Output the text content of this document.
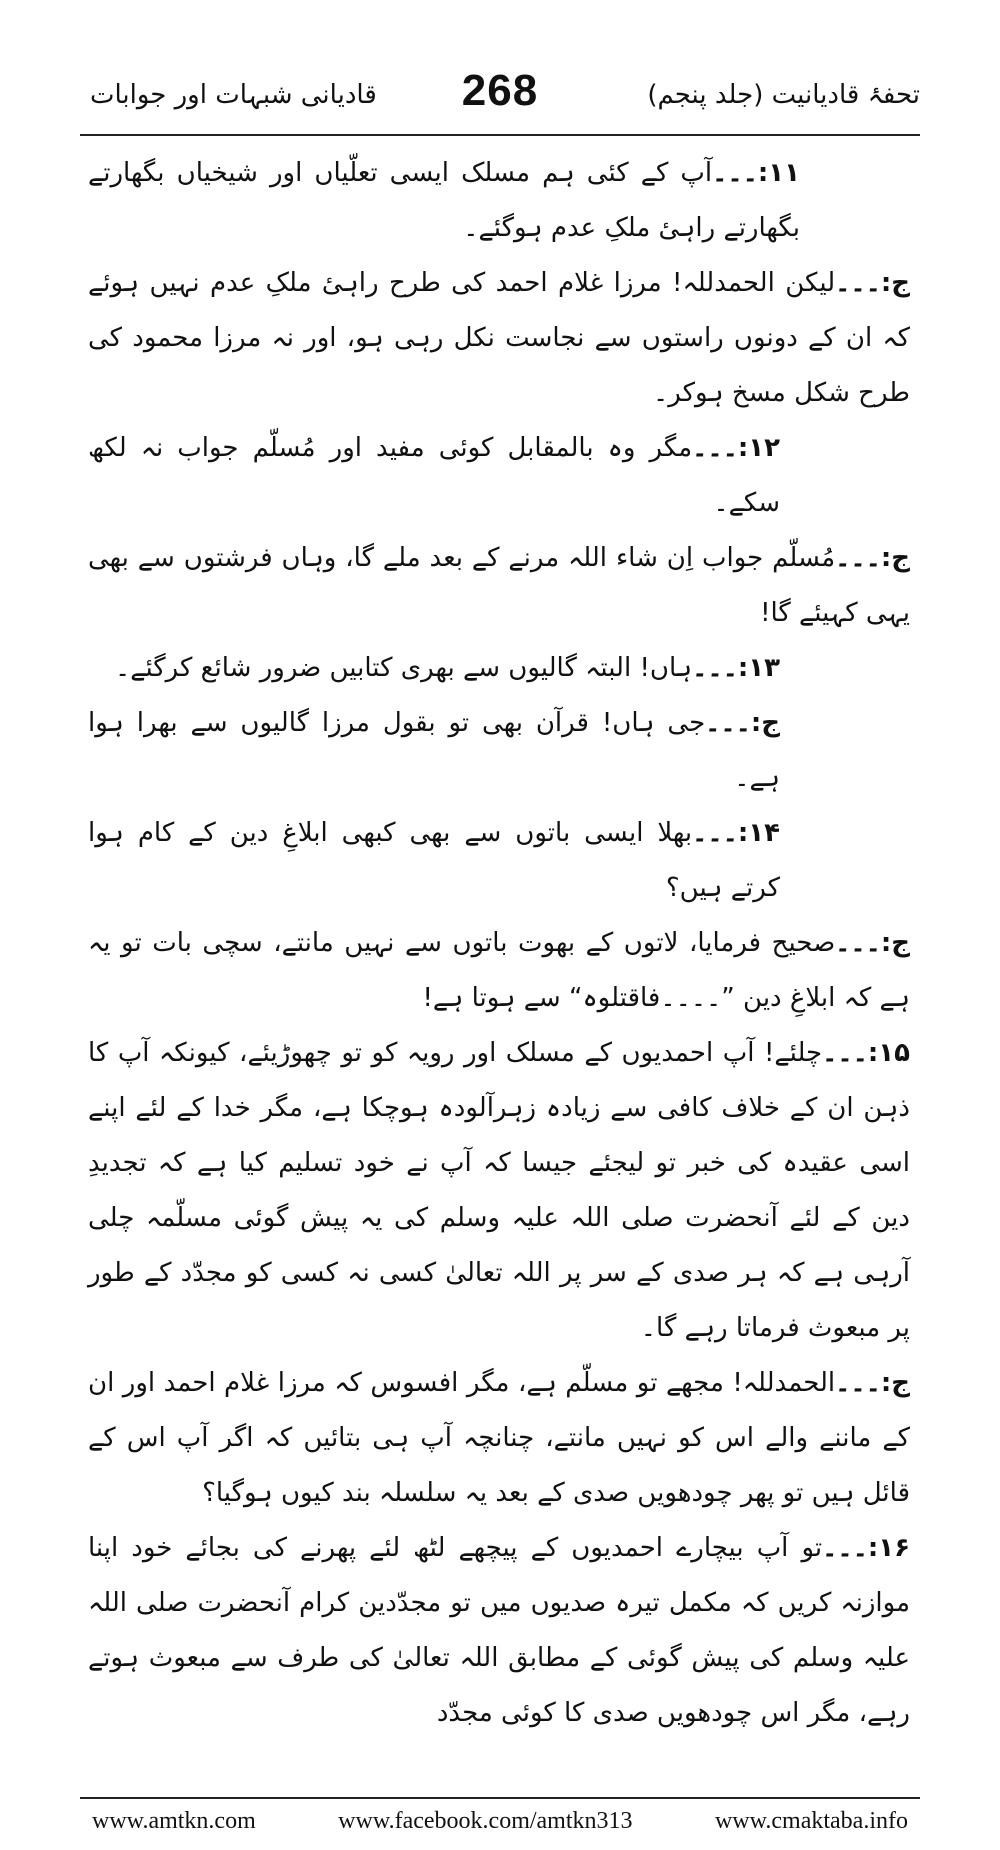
تحفۂ قادیانیت (جلد پنجم)
268
قادیانی شبہات اور جوابات

۱۱:۔۔۔آپ کے کئی ہم مسلک ایسی تعلّیاں اور شیخیاں بگھارتے بگھارتے راہیٔ ملکِ عدم ہوگئے۔

ج:۔۔۔لیکن الحمدللہ! مرزا غلام احمد کی طرح راہیٔ ملکِ عدم نہیں ہوئے کہ ان کے دونوں راستوں سے نجاست نکل رہی ہو، اور نہ مرزا محمود کی طرح شکل مسخ ہوکر۔

۱۲:۔۔۔مگر وہ بالمقابل کوئی مفید اور مُسلّم جواب نہ لکھ سکے۔

ج:۔۔۔مُسلّم جواب اِن شاء اللہ مرنے کے بعد ملے گا، وہاں فرشتوں سے بھی یہی کہیئے گا!

۱۳:۔۔۔ہاں! البتہ گالیوں سے بھری کتابیں ضرور شائع کرگئے۔

ج:۔۔۔جی ہاں! قرآن بھی تو بقول مرزا گالیوں سے بھرا ہوا ہے۔

۱۴:۔۔۔بھلا ایسی باتوں سے بھی کبھی ابلاغِ دین کے کام ہوا کرتے ہیں؟

ج:۔۔۔صحیح فرمایا، لاتوں کے بھوت باتوں سے نہیں مانتے، سچی بات تو یہ ہے کہ ابلاغِ دین ”۔۔۔۔فاقتلوہ“ سے ہوتا ہے!

۱۵:۔۔۔چلئے! آپ احمدیوں کے مسلک اور رویہ کو تو چھوڑیئے، کیونکہ آپ کا ذہن ان کے خلاف کافی سے زیادہ زہرآلودہ ہوچکا ہے، مگر خدا کے لئے اپنے اسی عقیدہ کی خبر تو لیجئے جیسا کہ آپ نے خود تسلیم کیا ہے کہ تجدیدِ دین کے لئے آنحضرت صلی اللہ علیہ وسلم کی یہ پیش گوئی مسلّمہ چلی آرہی ہے کہ ہر صدی کے سر پر اللہ تعالیٰ کسی نہ کسی کو مجدّد کے طور پر مبعوث فرماتا رہے گا۔

ج:۔۔۔الحمدللہ! مجھے تو مسلّم ہے، مگر افسوس کہ مرزا غلام احمد اور ان کے ماننے والے اس کو نہیں مانتے، چنانچہ آپ ہی بتائیں کہ اگر آپ اس کے قائل ہیں تو پھر چودھویں صدی کے بعد یہ سلسلہ بند کیوں ہوگیا؟

۱۶:۔۔۔تو آپ بیچارے احمدیوں کے پیچھے لٹھ لئے پھرنے کی بجائے خود اپنا موازنہ کریں کہ مکمل تیرہ صدیوں میں تو مجدّدین کرام آنحضرت صلی اللہ علیہ وسلم کی پیش گوئی کے مطابق اللہ تعالیٰ کی طرف سے مبعوث ہوتے رہے، مگر اس چودھویں صدی کا کوئی مجدّد

www.amtkn.com	www.facebook.com/amtkn313	www.cmaktaba.info
